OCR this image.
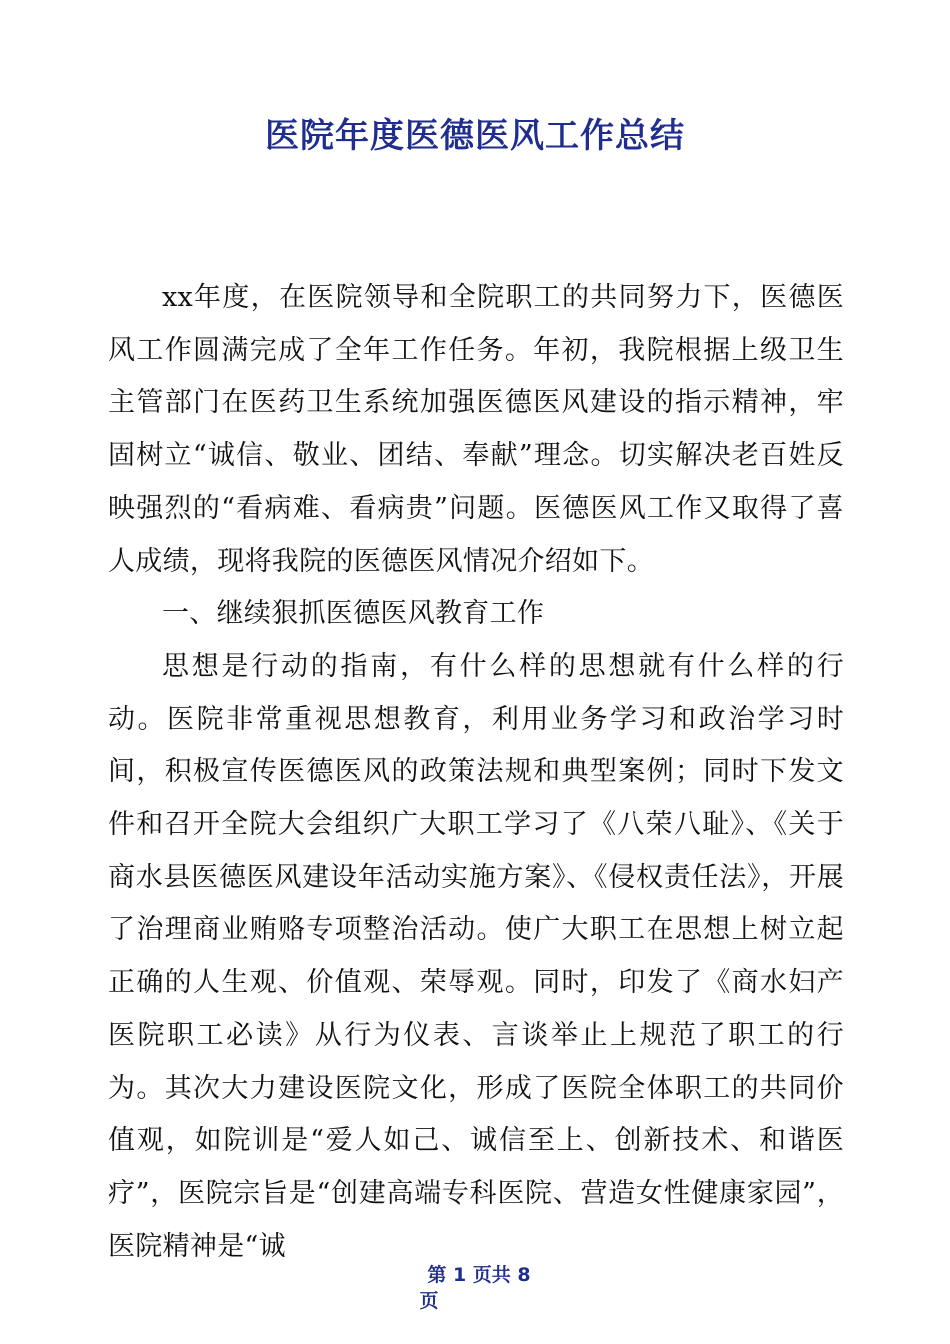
医院年度医德医风工作总结

xx年度，在医院领导和全院职工的共同努力下，医德医风工作圆满完成了全年工作任务。年初，我院根据上级卫生主管部门在医药卫生系统加强医德医风建设的指示精神，牢固树立“诚信、敬业、团结、奉献”理念。切实解决老百姓反映强烈的“看病难、看病贵”问题。医德医风工作又取得了喜人成绩，现将我院的医德医风情况介绍如下。

一、继续狠抓医德医风教育工作

思想是行动的指南，有什么样的思想就有什么样的行动。医院非常重视思想教育，利用业务学习和政治学习时间，积极宣传医德医风的政策法规和典型案例；同时下发文件和召开全院大会组织广大职工学习了《八荣八耻》、《关于商水县医德医风建设年活动实施方案》、《侵权责任法》，开展了治理商业贿赂专项整治活动。使广大职工在思想上树立起正确的人生观、价值观、荣辱观。同时，印发了《商水妇产医院职工必读》从行为仪表、言谈举止上规范了职工的行为。其次大力建设医院文化，形成了医院全体职工的共同价值观，如院训是“爱人如己、诚信至上、创新技术、和谐医疗”，医院宗旨是“创建高端专科医院、营造女性健康家园”，医院精神是“诚

第 1 页共 8
页
